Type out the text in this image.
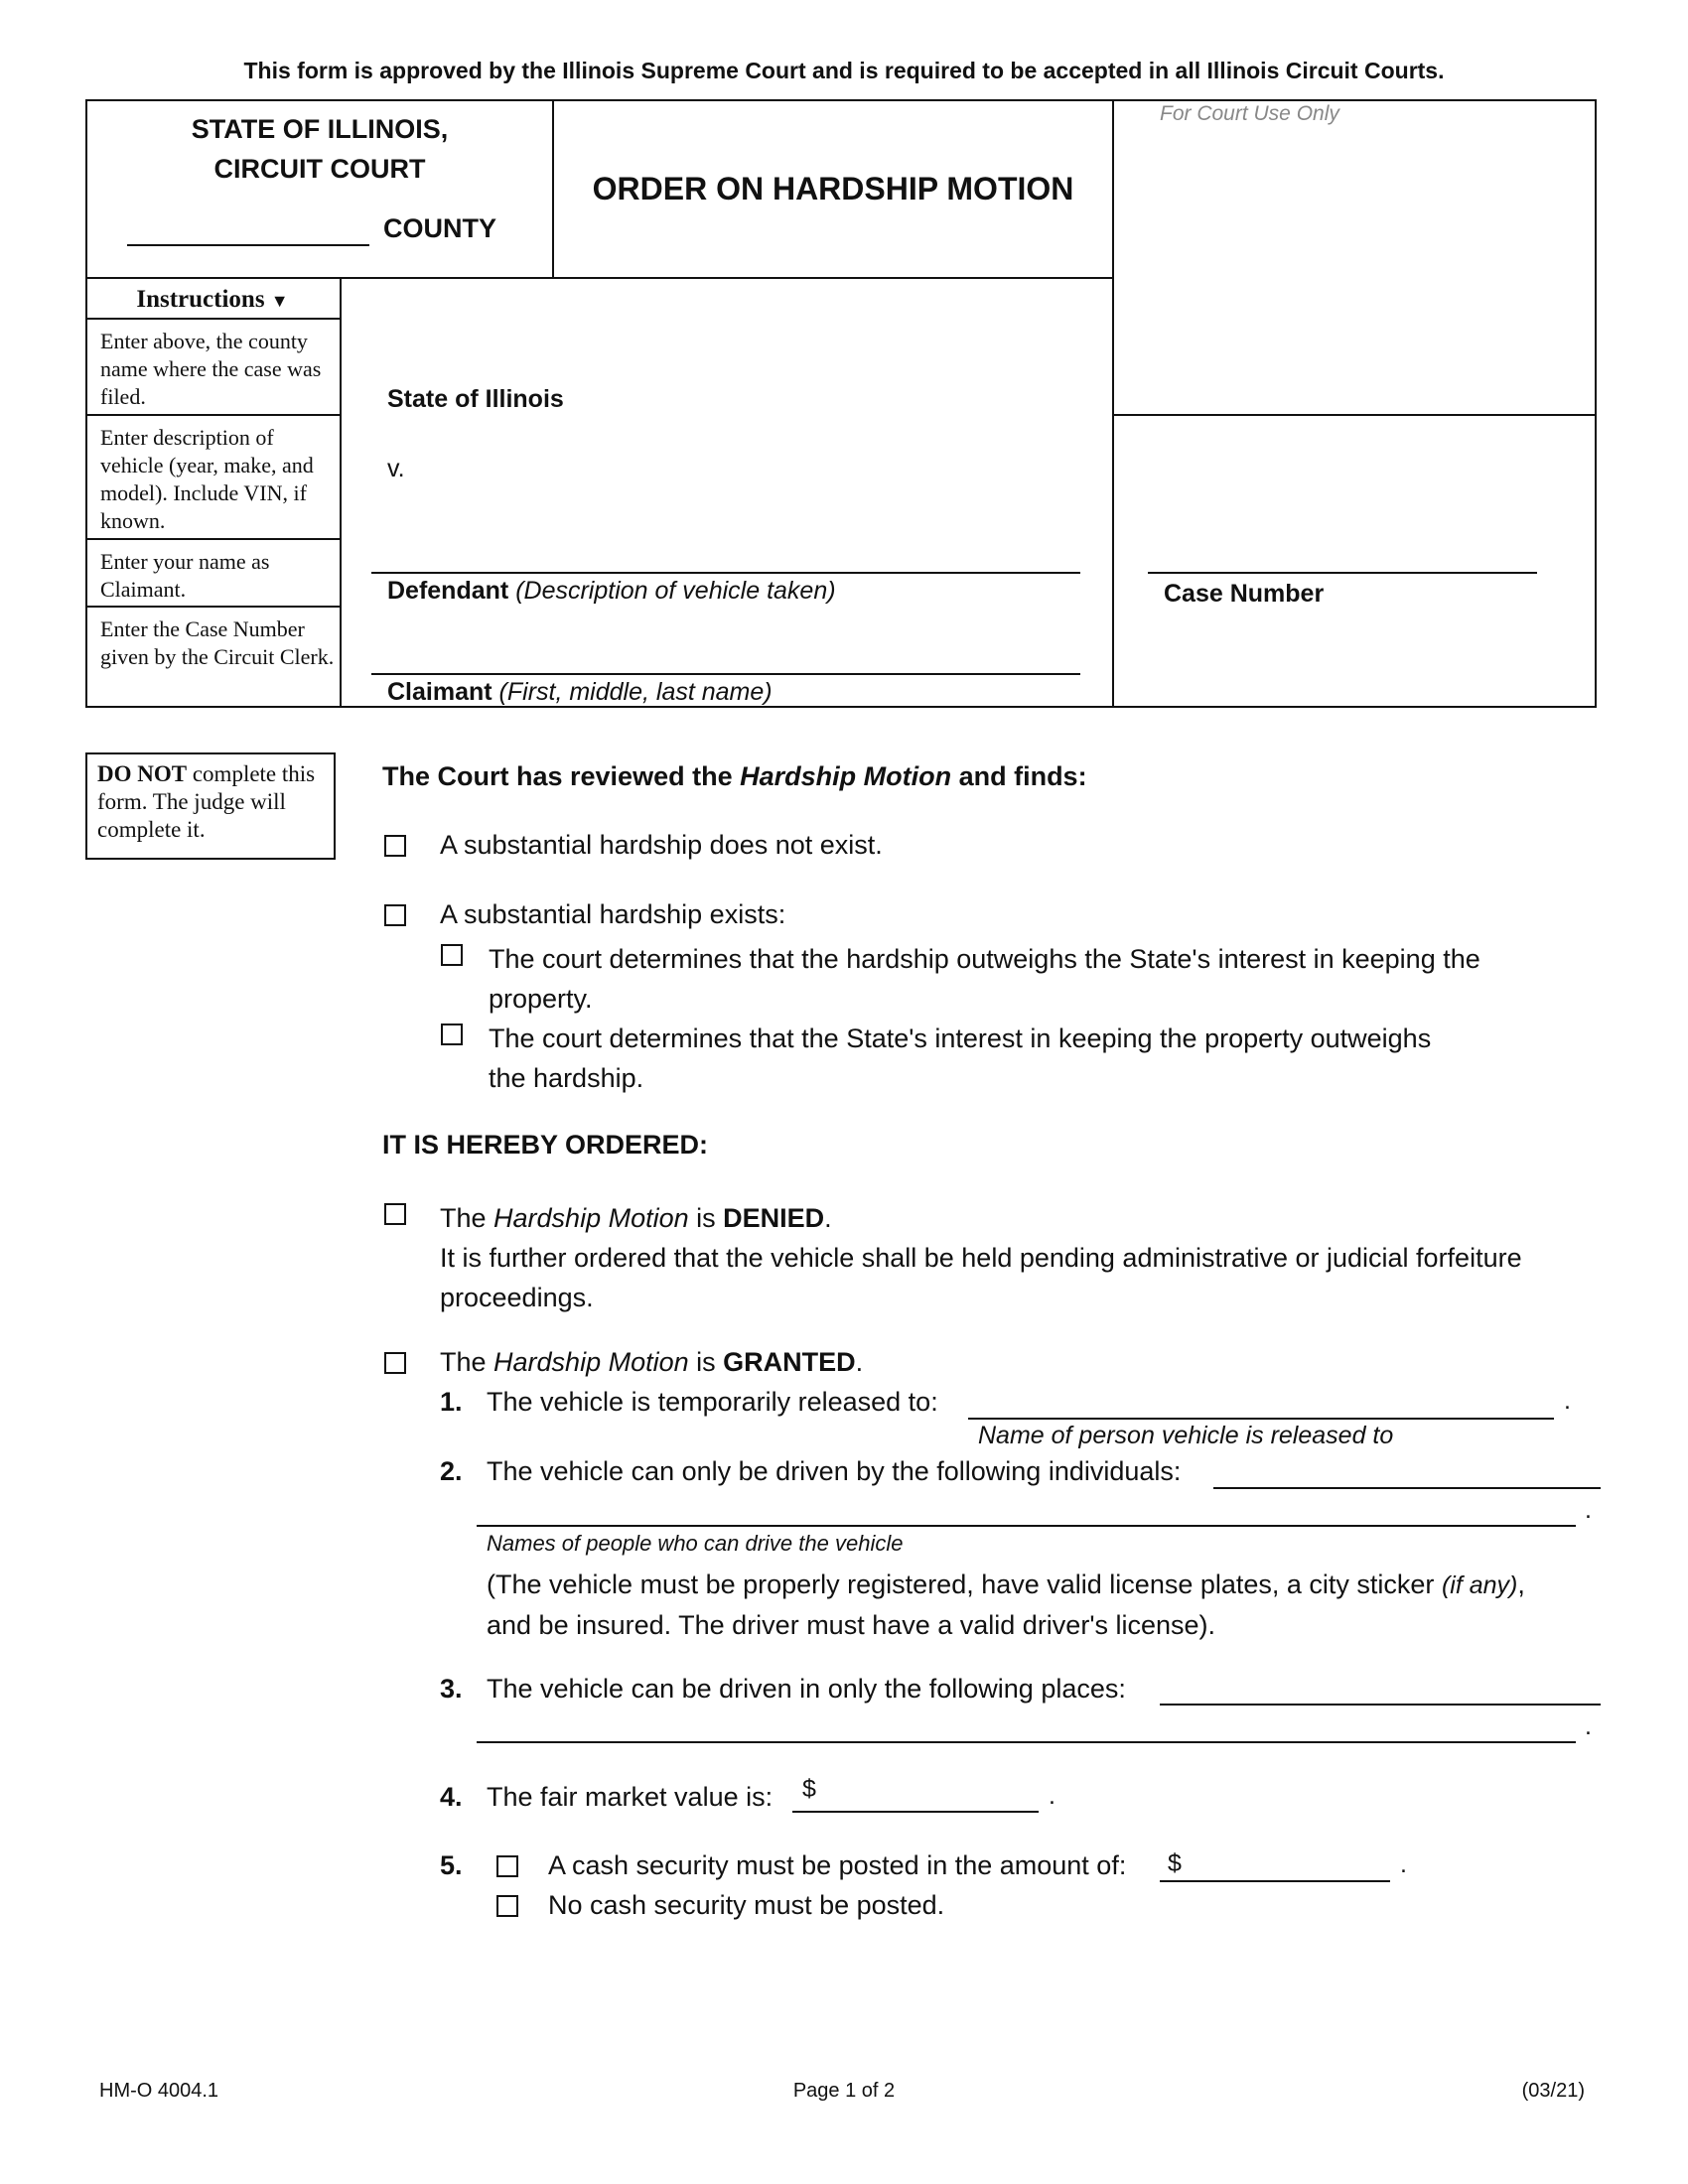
This form is approved by the Illinois Supreme Court and is required to be accepted in all Illinois Circuit Courts.
STATE OF ILLINOIS,
CIRCUIT COURT
COUNTY
ORDER ON HARDSHIP MOTION
For Court Use Only
Instructions ▼
Enter above, the county name where the case was filed.
Enter description of vehicle (year, make, and model). Include VIN, if known.
Enter your name as Claimant.
Enter the Case Number given by the Circuit Clerk.
State of Illinois
v.
Defendant (Description of vehicle taken)
Claimant (First, middle, last name)
Case Number
DO NOT complete this form. The judge will complete it.
The Court has reviewed the Hardship Motion and finds:
A substantial hardship does not exist.
A substantial hardship exists:
The court determines that the hardship outweighs the State's interest in keeping the
property.
The court determines that the State's interest in keeping the property outweighs
the hardship.
IT IS HEREBY ORDERED:
The Hardship Motion is DENIED.
It is further ordered that the vehicle shall be held pending administrative or judicial forfeiture
proceedings.
The Hardship Motion is GRANTED.
1. The vehicle is temporarily released to:	.
Name of person vehicle is released to
2. The vehicle can only be driven by the following individuals:
.
Names of people who can drive the vehicle
(The vehicle must be properly registered, have valid license plates, a city sticker (if any),
and be insured. The driver must have a valid driver's license).
3. The vehicle can be driven in only the following places:
.
4. The fair market value is: $	.
5.	A cash security must be posted in the amount of: $	.
No cash security must be posted.
HM-O 4004.1	Page 1 of 2	(03/21)
